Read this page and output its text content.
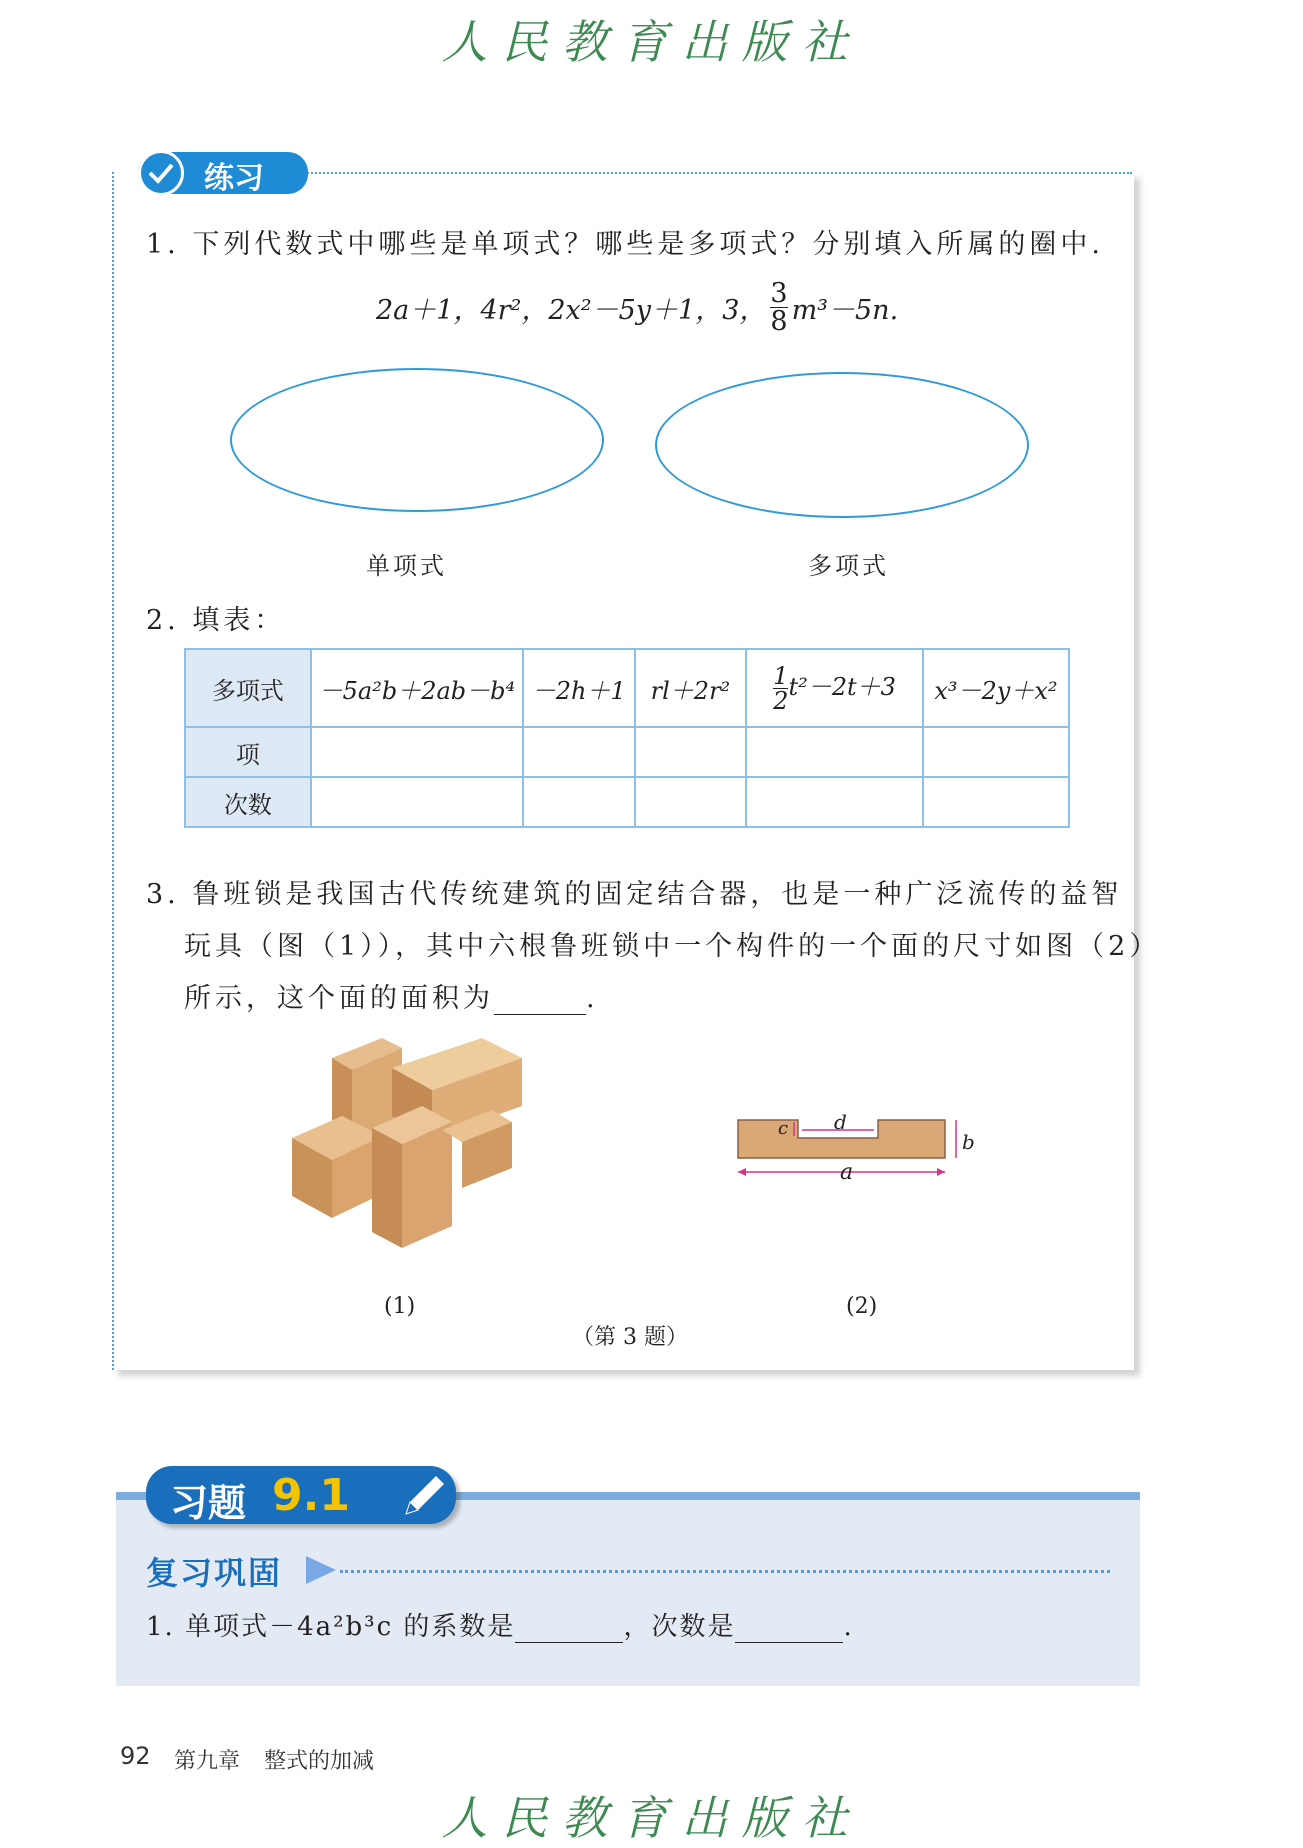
人民教育出版社
练习
1. 下列代数式中哪些是单项式？哪些是多项式？分别填入所属的圈中.
2a＋1，4r²，2x²－5y＋1，3， $\frac{3}{8} m^3-5n$.
单项式	多项式
2. 填表：
多项式	－5a²b＋2ab－b⁴	－2h＋1	rl＋2r²	$\frac{1}{2} t^2-2t+3$	x³－2y＋x²
项					
次数					
3. 鲁班锁是我国古代传统建筑的固定结合器，也是一种广泛流传的益智
玩具（图（1）），其中六根鲁班锁中一个构件的一个面的尺寸如图（2）
所示，这个面的面积为	.
a
d
c
b
(1)	(2)
（第 3 题）
习题 9.1
复习巩固
1. 单项式－4a²b³c 的系数是	，次数是	.
92 第九章 整式的加减
人民教育出版社
